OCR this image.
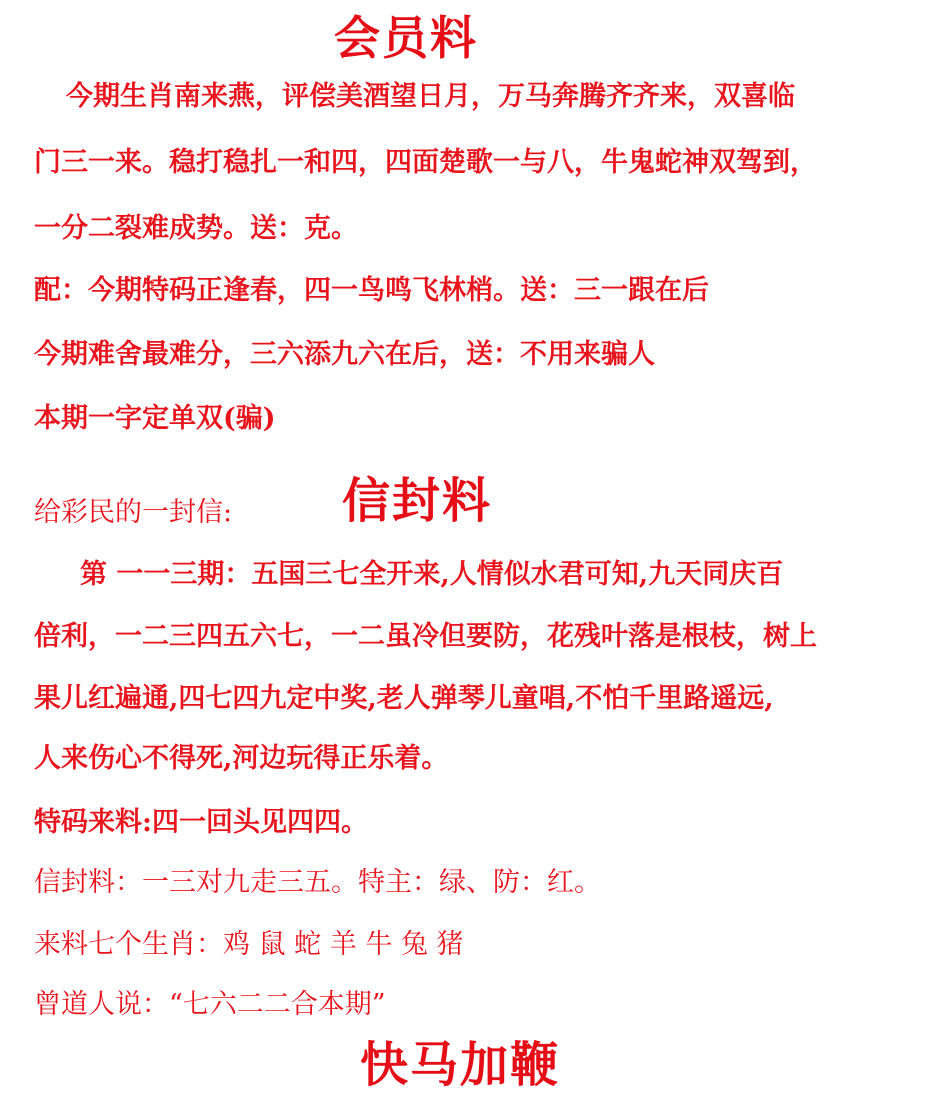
会员料
今期生肖南来燕，评偿美酒望日月，万马奔腾齐齐来，双喜临
门三一来。稳打稳扎一和四，四面楚歌一与八，牛鬼蛇神双驾到，
一分二裂难成势。送：克。
配：今期特码正逢春，四一鸟鸣飞林梢。送：三一跟在后
今期难舍最难分，三六添九六在后，送：不用来骗人
本期一字定单双(骗)
给彩民的一封信: 信封料
第 一一三期：五国三七全开来,人情似水君可知,九天同庆百
倍利，一二三四五六七，一二虽冷但要防，花残叶落是根枝，树上
果儿红遍通,四七四九定中奖,老人弹琴儿童唱,不怕千里路遥远,
人来伤心不得死,河边玩得正乐着。
特码来料:四一回头见四四。
信封料：一三对九走三五。特主：绿、防：红。
来料七个生肖：鸡 鼠 蛇 羊 牛 兔 猪
曾道人说：“七六二二合本期”
快马加鞭
